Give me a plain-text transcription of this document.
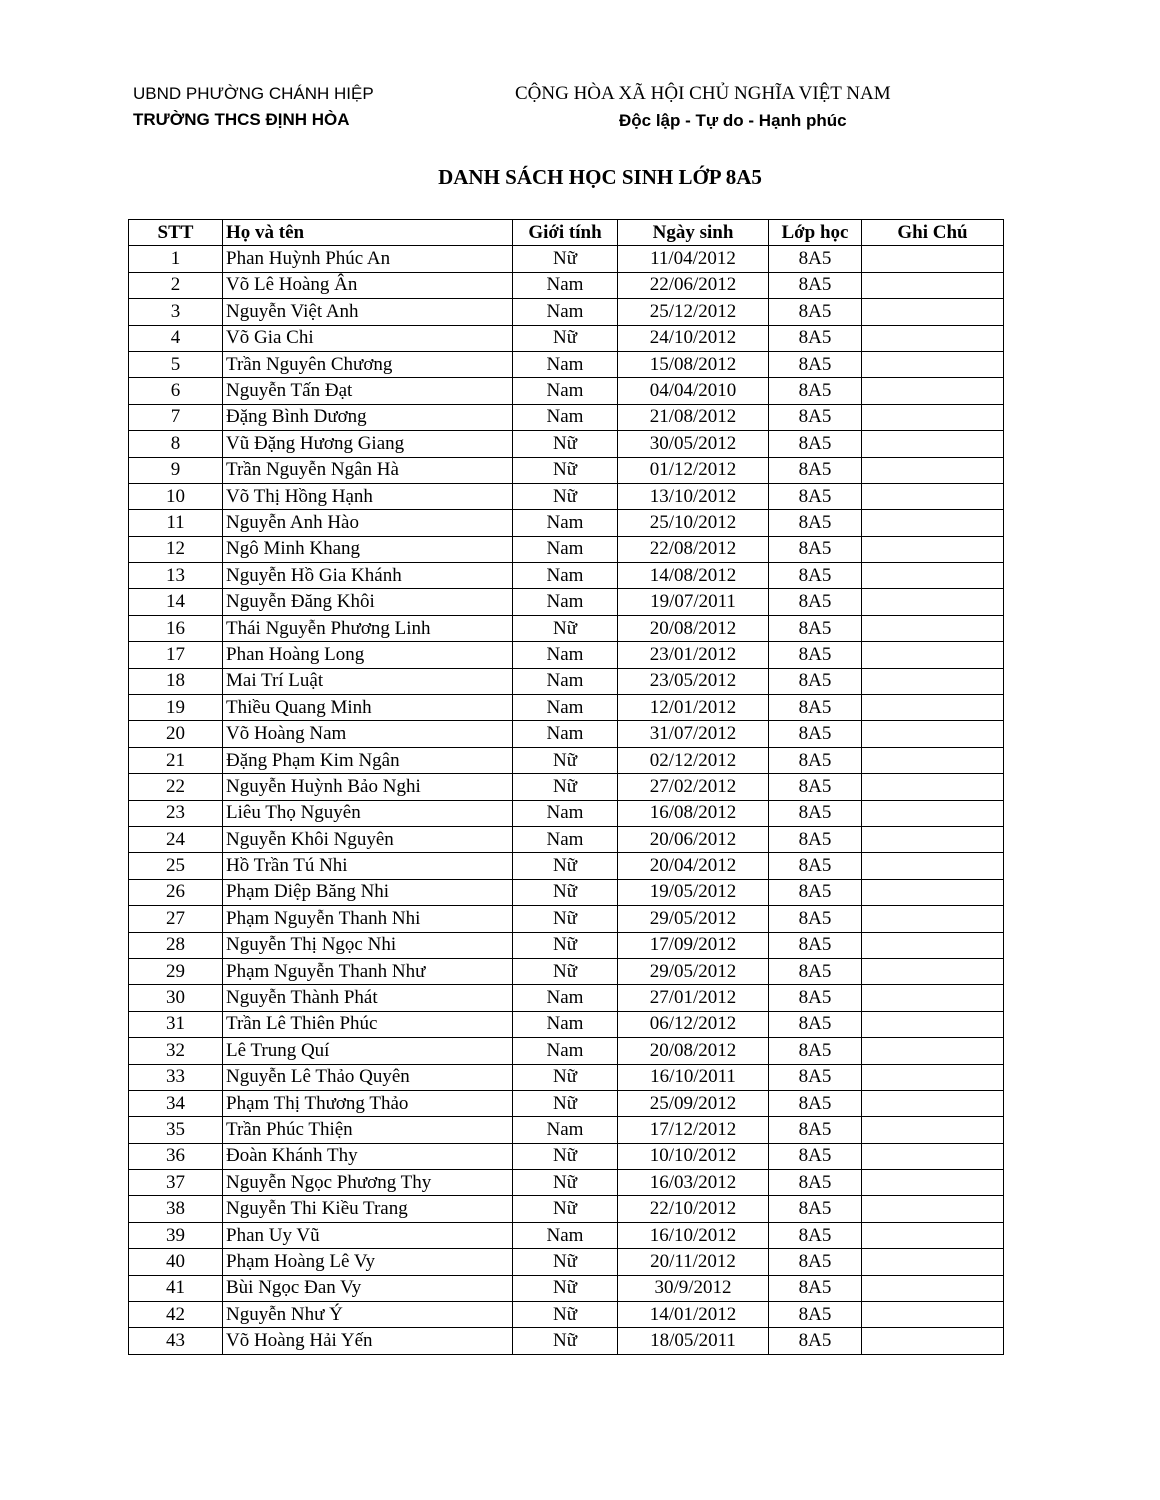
UBND PHƯỜNG CHÁNH HIỆP
TRƯỜNG THCS ĐỊNH HÒA
CỘNG HÒA XÃ HỘI CHỦ NGHĨA VIỆT NAM
Độc lập - Tự do - Hạnh phúc
DANH SÁCH HỌC SINH LỚP 8A5
STT	Họ và tên	Giới tính	Ngày sinh	Lớp học	Ghi Chú
1	Phan Huỳnh Phúc An	Nữ	11/04/2012	8A5	
2	Võ Lê Hoàng Ân	Nam	22/06/2012	8A5	
3	Nguyễn Việt Anh	Nam	25/12/2012	8A5	
4	Võ Gia Chi	Nữ	24/10/2012	8A5	
5	Trần Nguyên Chương	Nam	15/08/2012	8A5	
6	Nguyễn Tấn Đạt	Nam	04/04/2010	8A5	
7	Đặng Bình Dương	Nam	21/08/2012	8A5	
8	Vũ Đặng Hương Giang	Nữ	30/05/2012	8A5	
9	Trần Nguyễn Ngân Hà	Nữ	01/12/2012	8A5	
10	Võ Thị Hồng Hạnh	Nữ	13/10/2012	8A5	
11	Nguyễn Anh Hào	Nam	25/10/2012	8A5	
12	Ngô Minh Khang	Nam	22/08/2012	8A5	
13	Nguyễn Hồ Gia Khánh	Nam	14/08/2012	8A5	
14	Nguyễn Đăng Khôi	Nam	19/07/2011	8A5	
16	Thái Nguyễn Phương Linh	Nữ	20/08/2012	8A5	
17	Phan Hoàng Long	Nam	23/01/2012	8A5	
18	Mai Trí Luật	Nam	23/05/2012	8A5	
19	Thiều Quang Minh	Nam	12/01/2012	8A5	
20	Võ Hoàng Nam	Nam	31/07/2012	8A5	
21	Đặng Phạm Kim Ngân	Nữ	02/12/2012	8A5	
22	Nguyễn Huỳnh Bảo Nghi	Nữ	27/02/2012	8A5	
23	Liêu Thọ Nguyên	Nam	16/08/2012	8A5	
24	Nguyễn Khôi Nguyên	Nam	20/06/2012	8A5	
25	Hồ Trần Tú Nhi	Nữ	20/04/2012	8A5	
26	Phạm Diệp Băng Nhi	Nữ	19/05/2012	8A5	
27	Phạm Nguyễn Thanh Nhi	Nữ	29/05/2012	8A5	
28	Nguyễn Thị Ngọc Nhi	Nữ	17/09/2012	8A5	
29	Phạm Nguyễn Thanh Như	Nữ	29/05/2012	8A5	
30	Nguyễn Thành Phát	Nam	27/01/2012	8A5	
31	Trần Lê Thiên Phúc	Nam	06/12/2012	8A5	
32	Lê Trung Quí	Nam	20/08/2012	8A5	
33	Nguyễn Lê Thảo Quyên	Nữ	16/10/2011	8A5	
34	Phạm Thị Thương Thảo	Nữ	25/09/2012	8A5	
35	Trần Phúc Thiện	Nam	17/12/2012	8A5	
36	Đoàn Khánh Thy	Nữ	10/10/2012	8A5	
37	Nguyễn Ngọc Phương Thy	Nữ	16/03/2012	8A5	
38	Nguyễn Thi Kiều Trang	Nữ	22/10/2012	8A5	
39	Phan Uy Vũ	Nam	16/10/2012	8A5	
40	Phạm Hoàng Lê Vy	Nữ	20/11/2012	8A5	
41	Bùi Ngọc Đan Vy	Nữ	30/9/2012	8A5	
42	Nguyễn Như Ý	Nữ	14/01/2012	8A5	
43	Võ Hoàng Hải Yến	Nữ	18/05/2011	8A5	
